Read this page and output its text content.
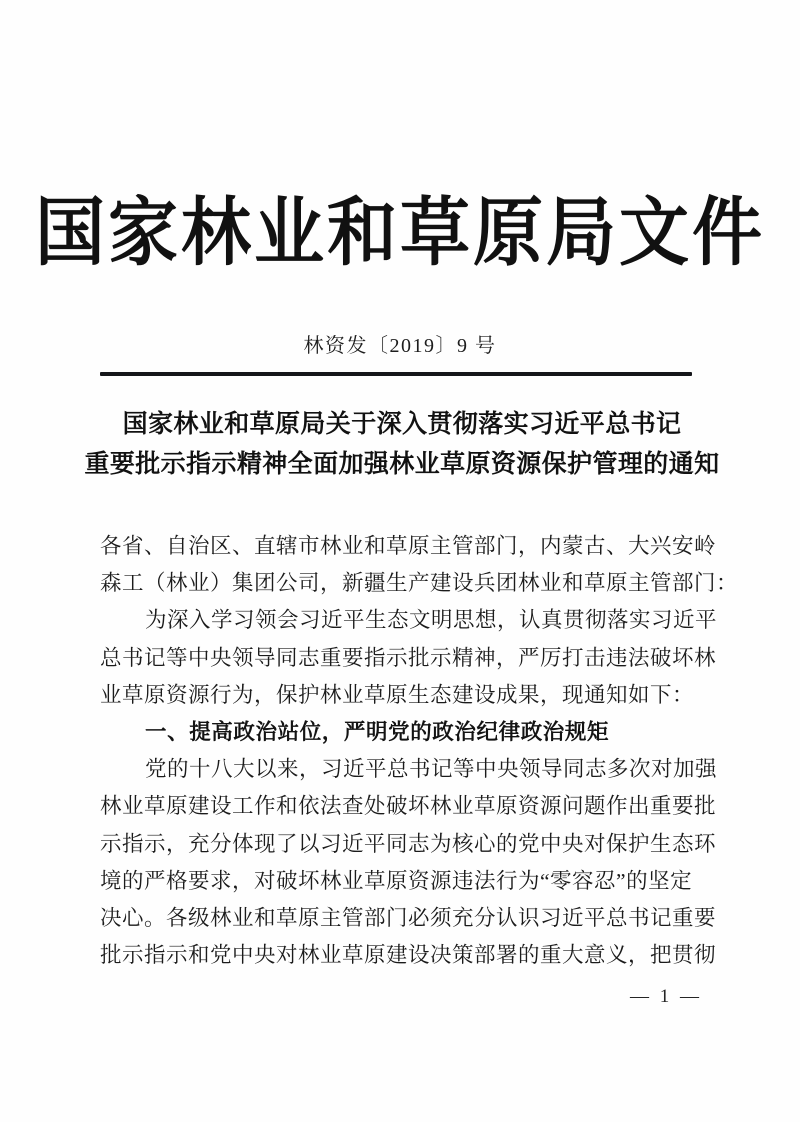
国家林业和草原局文件
林资发〔2019〕9 号
国家林业和草原局关于深入贯彻落实习近平总书记
重要批示指示精神全面加强林业草原资源保护管理的通知
各省、自治区、直辖市林业和草原主管部门，内蒙古、大兴安岭
森工（林业）集团公司，新疆生产建设兵团林业和草原主管部门：
为深入学习领会习近平生态文明思想，认真贯彻落实习近平
总书记等中央领导同志重要指示批示精神，严厉打击违法破坏林
业草原资源行为，保护林业草原生态建设成果，现通知如下：
一、提高政治站位，严明党的政治纪律政治规矩
党的十八大以来，习近平总书记等中央领导同志多次对加强
林业草原建设工作和依法查处破坏林业草原资源问题作出重要批
示指示，充分体现了以习近平同志为核心的党中央对保护生态环
境的严格要求，对破坏林业草原资源违法行为“零容忍”的坚定
决心。各级林业和草原主管部门必须充分认识习近平总书记重要
批示指示和党中央对林业草原建设决策部署的重大意义，把贯彻
— 1 —
